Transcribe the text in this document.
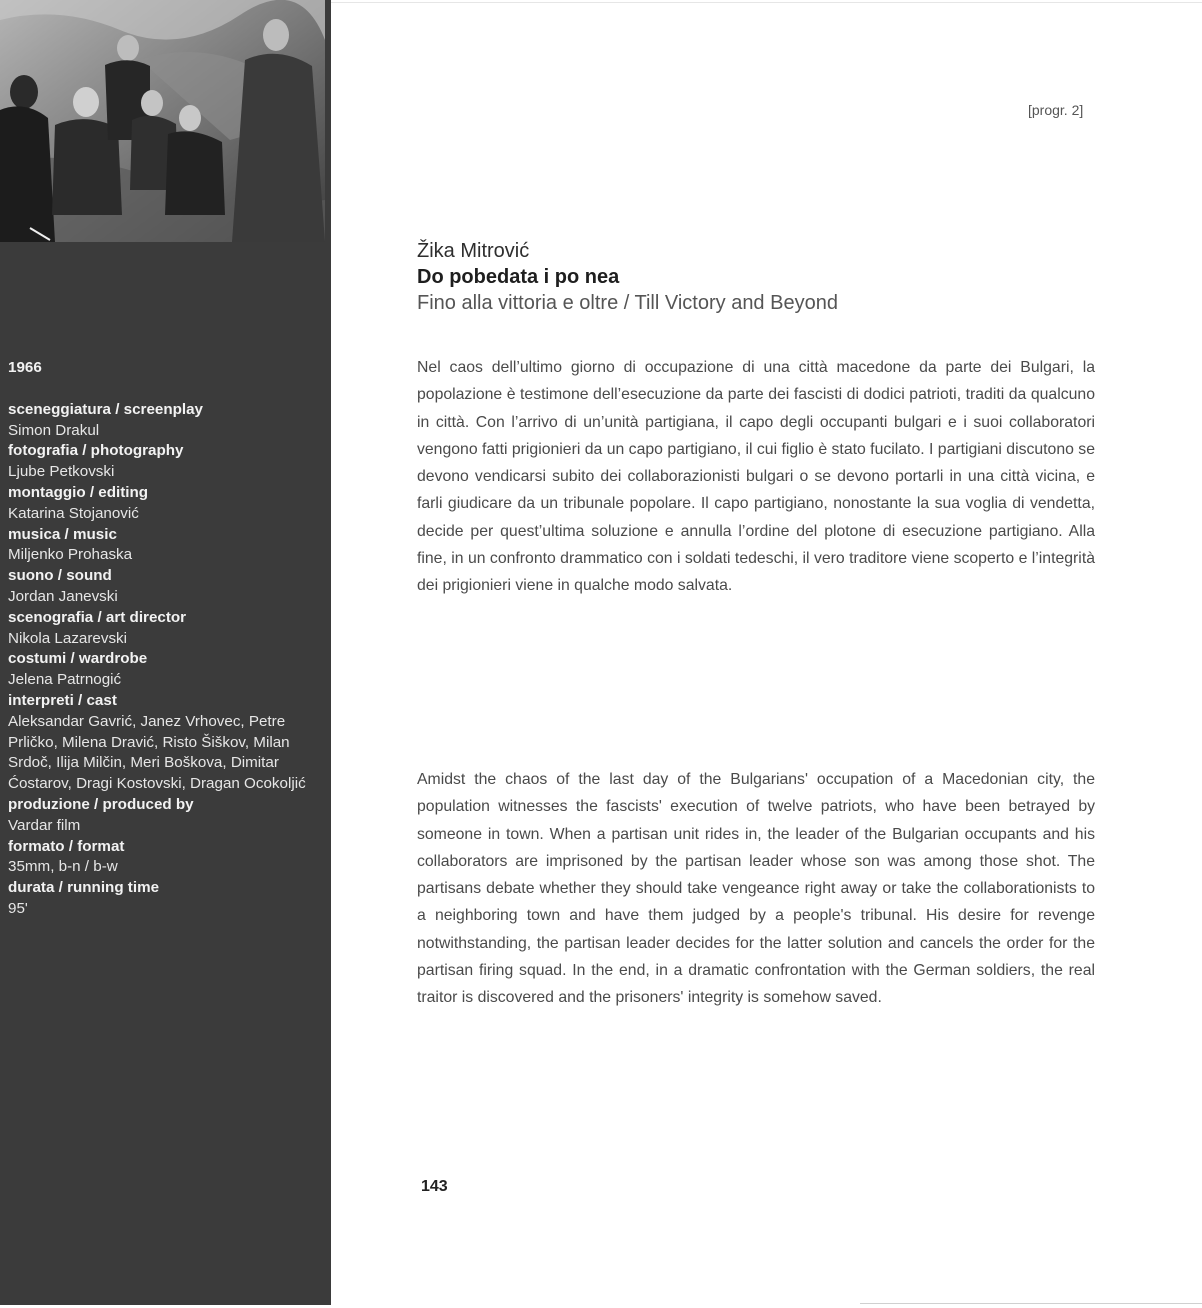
1966
sceneggiatura / screenplay
Simon Drakul
fotografia / photography
Ljube Petkovski
montaggio / editing
Katarina Stojanović
musica / music
Miljenko Prohaska
suono / sound
Jordan Janevski
scenografia / art director
Nikola Lazarevski
costumi / wardrobe
Jelena Patrnogić
interpreti / cast
Aleksandar Gavrić, Janez Vrhovec, Petre Prličko, Milena Dravić, Risto Šiškov, Milan Srdoč, Ilija Milčin, Meri Boškova, Dimitar Ćostarov, Dragi Kostovski, Dragan Ocokoljić
produzione / produced by
Vardar film
formato / format
35mm, b-n / b-w
durata / running time
95'
[progr. 2]
Žika Mitrović
Do pobedata i po nea
Fino alla vittoria e oltre / Till Victory and Beyond

Nel caos dell’ultimo giorno di occupazione di una città macedone da parte dei Bulgari, la popolazione è testimone dell’esecuzione da parte dei fascisti di dodici patrioti, traditi da qualcuno in città. Con l’arrivo di un’unità partigiana, il capo degli occupanti bulgari e i suoi collaboratori vengono fatti prigionieri da un capo partigiano, il cui figlio è stato fucilato. I partigiani discutono se devono vendicarsi subito dei collaborazionisti bulgari o se devono portarli in una città vicina, e farli giudicare da un tribunale popolare. Il capo partigiano, nonostante la sua voglia di vendetta, decide per quest’ultima soluzione e annulla l’ordine del plotone di esecuzione partigiano. Alla fine, in un confronto drammatico con i soldati tedeschi, il vero traditore viene scoperto e l’integrità dei prigionieri viene in qualche modo salvata.

Amidst the chaos of the last day of the Bulgarians' occupation of a Macedonian city, the population witnesses the fascists' execution of twelve patriots, who have been betrayed by someone in town. When a partisan unit rides in, the leader of the Bulgarian occupants and his collaborators are imprisoned by the partisan leader whose son was among those shot. The partisans debate whether they should take vengeance right away or take the collaborationists to a neighboring town and have them judged by a people's tribunal. His desire for revenge notwithstanding, the partisan leader decides for the latter solution and cancels the order for the partisan firing squad. In the end, in a dramatic confrontation with the German soldiers, the real traitor is discovered and the prisoners' integrity is somehow saved.

143
